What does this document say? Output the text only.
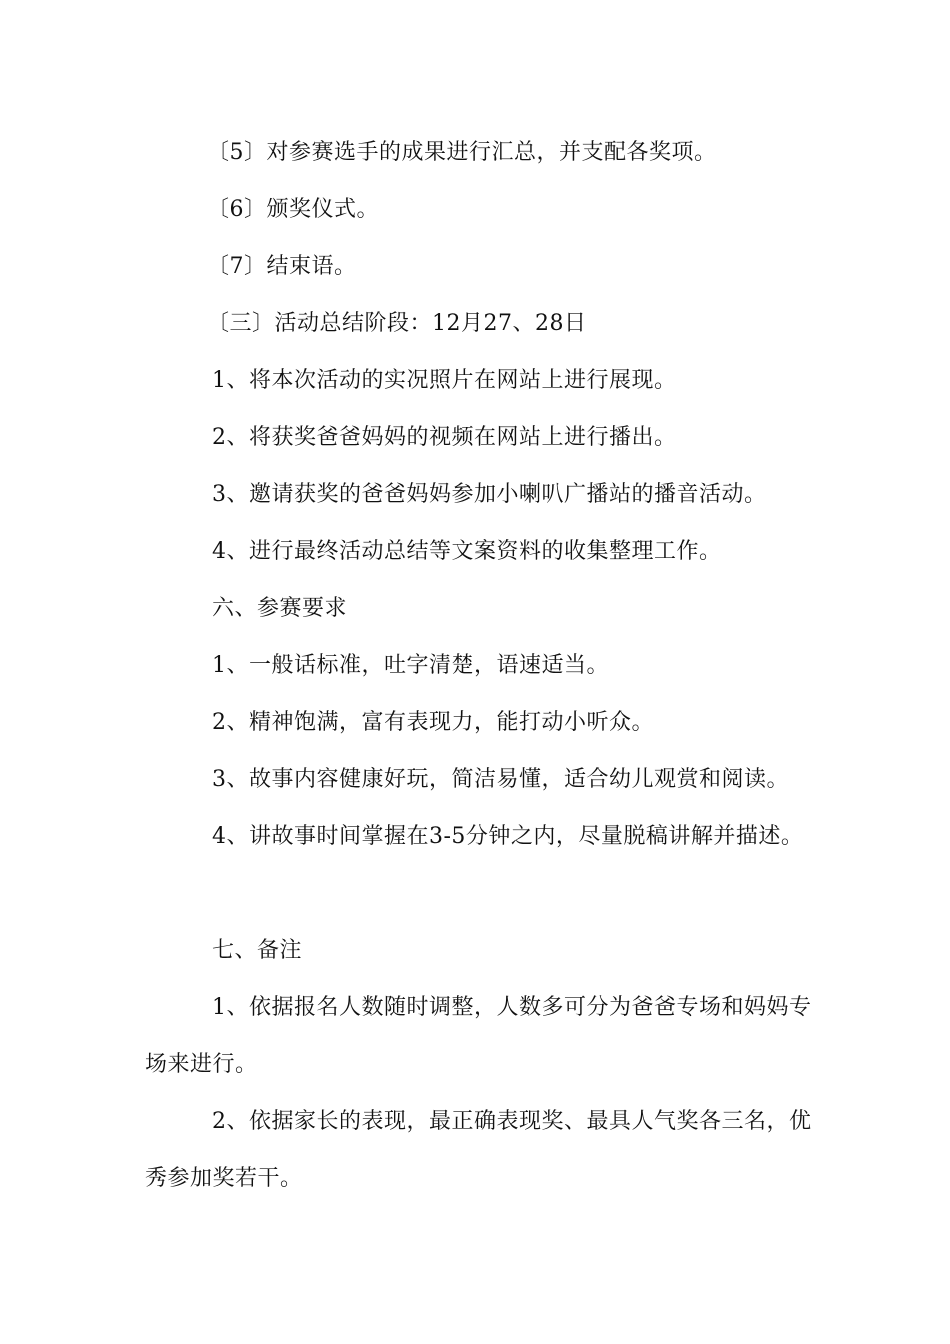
〔5〕对参赛选手的成果进行汇总，并支配各奖项。
〔6〕颁奖仪式。
〔7〕结束语。
〔三〕活动总结阶段：12月27、28日
1、将本次活动的实况照片在网站上进行展现。
2、将获奖爸爸妈妈的视频在网站上进行播出。
3、邀请获奖的爸爸妈妈参加小喇叭广播站的播音活动。
4、进行最终活动总结等文案资料的收集整理工作。
六、参赛要求
1、一般话标准，吐字清楚，语速适当。
2、精神饱满，富有表现力，能打动小听众。
3、故事内容健康好玩，简洁易懂，适合幼儿观赏和阅读。
4、讲故事时间掌握在3-5分钟之内，尽量脱稿讲解并描述。
七、备注
1、依据报名人数随时调整，人数多可分为爸爸专场和妈妈专
场来进行。
2、依据家长的表现，最正确表现奖、最具人气奖各三名，优
秀参加奖若干。
